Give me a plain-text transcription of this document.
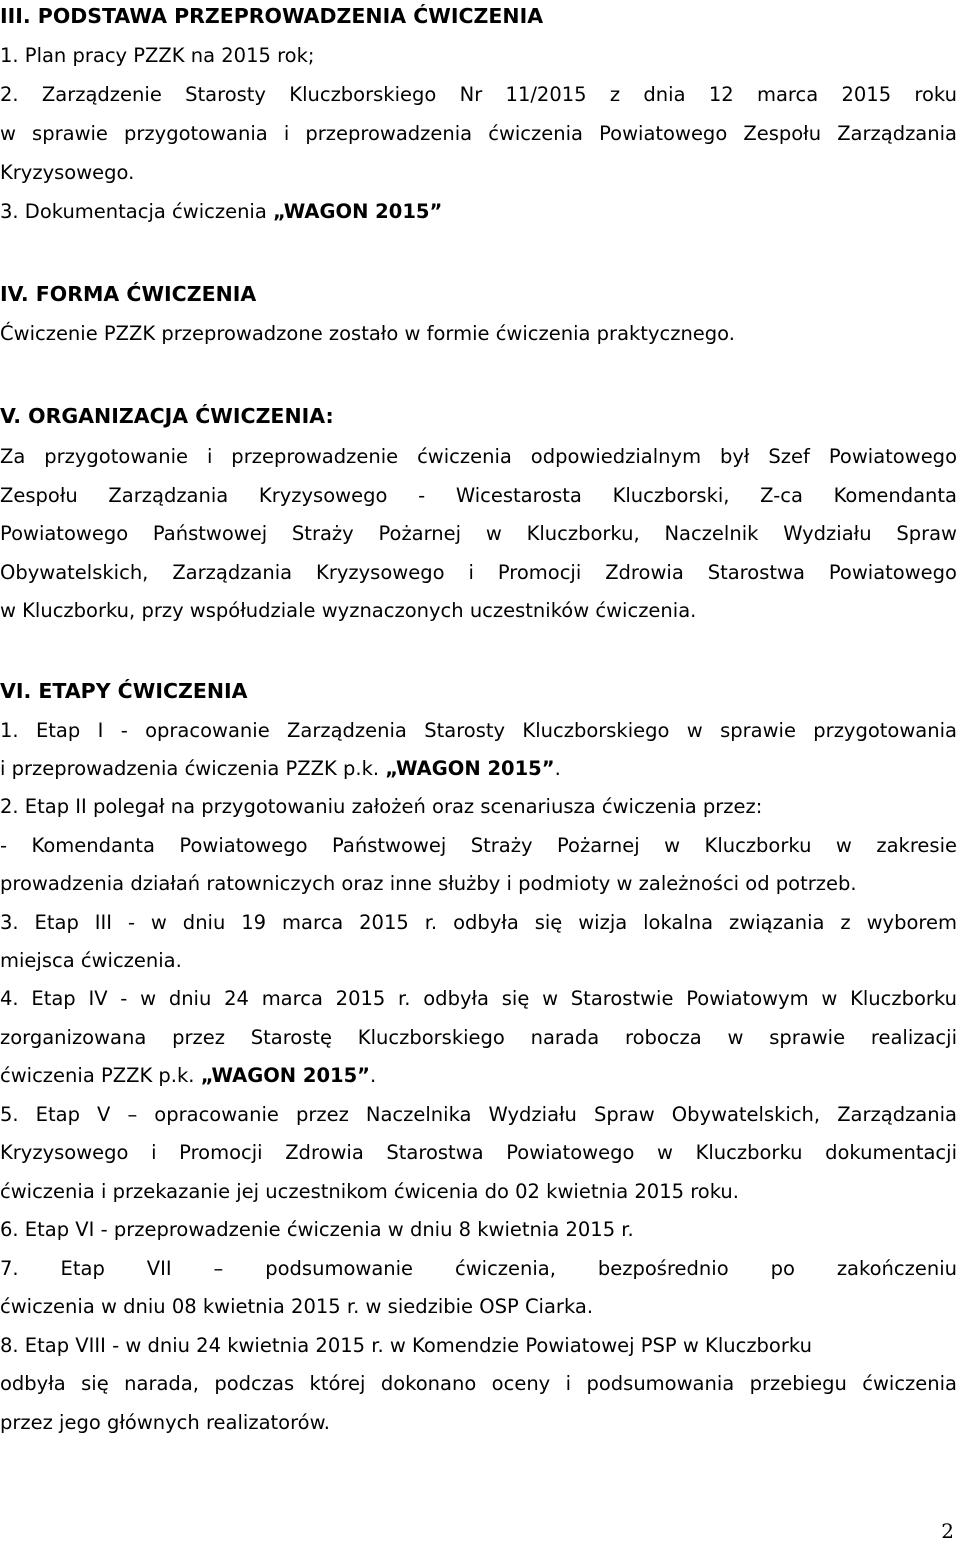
III. PODSTAWA PRZEPROWADZENIA ĆWICZENIA

1. Plan pracy PZZK na 2015 rok;

2. Zarządzenie Starosty Kluczborskiego Nr 11/2015 z dnia 12 marca 2015 roku

w sprawie przygotowania i przeprowadzenia ćwiczenia Powiatowego Zespołu Zarządzania

Kryzysowego.

3. Dokumentacja ćwiczenia „WAGON 2015”

IV. FORMA ĆWICZENIA

Ćwiczenie PZZK przeprowadzone zostało w formie ćwiczenia praktycznego.

V. ORGANIZACJA ĆWICZENIA:

Za przygotowanie i przeprowadzenie ćwiczenia odpowiedzialnym był Szef Powiatowego

Zespołu Zarządzania Kryzysowego - Wicestarosta Kluczborski, Z-ca Komendanta

Powiatowego Państwowej Straży Pożarnej w Kluczborku, Naczelnik Wydziału Spraw

Obywatelskich, Zarządzania Kryzysowego i Promocji Zdrowia Starostwa Powiatowego

w Kluczborku, przy współudziale wyznaczonych uczestników ćwiczenia.

VI. ETAPY ĆWICZENIA

1. Etap I - opracowanie Zarządzenia Starosty Kluczborskiego w sprawie przygotowania

i przeprowadzenia ćwiczenia PZZK p.k. „WAGON 2015”.

2. Etap II polegał na przygotowaniu założeń oraz scenariusza ćwiczenia przez:

- Komendanta Powiatowego Państwowej Straży Pożarnej w Kluczborku w zakresie

prowadzenia działań ratowniczych oraz inne służby i podmioty w zależności od potrzeb.

3. Etap III - w dniu 19 marca 2015 r. odbyła się wizja lokalna związania z wyborem

miejsca ćwiczenia.

4. Etap IV - w dniu 24 marca 2015 r. odbyła się w Starostwie Powiatowym w Kluczborku

zorganizowana przez Starostę Kluczborskiego narada robocza w sprawie realizacji

ćwiczenia PZZK p.k. „WAGON 2015”.

5. Etap V – opracowanie przez Naczelnika Wydziału Spraw Obywatelskich, Zarządzania

Kryzysowego i Promocji Zdrowia Starostwa Powiatowego w Kluczborku dokumentacji

ćwiczenia i przekazanie jej uczestnikom ćwicenia do 02 kwietnia 2015 roku.

6. Etap VI - przeprowadzenie ćwiczenia w dniu 8 kwietnia 2015 r.

7. Etap VII – podsumowanie ćwiczenia, bezpośrednio po zakończeniu

ćwiczenia w dniu 08 kwietnia 2015 r. w siedzibie OSP Ciarka.

8. Etap VIII - w dniu 24 kwietnia 2015 r. w Komendzie Powiatowej PSP w Kluczborku

odbyła się narada, podczas której dokonano oceny i podsumowania przebiegu ćwiczenia

przez jego głównych realizatorów.

2
